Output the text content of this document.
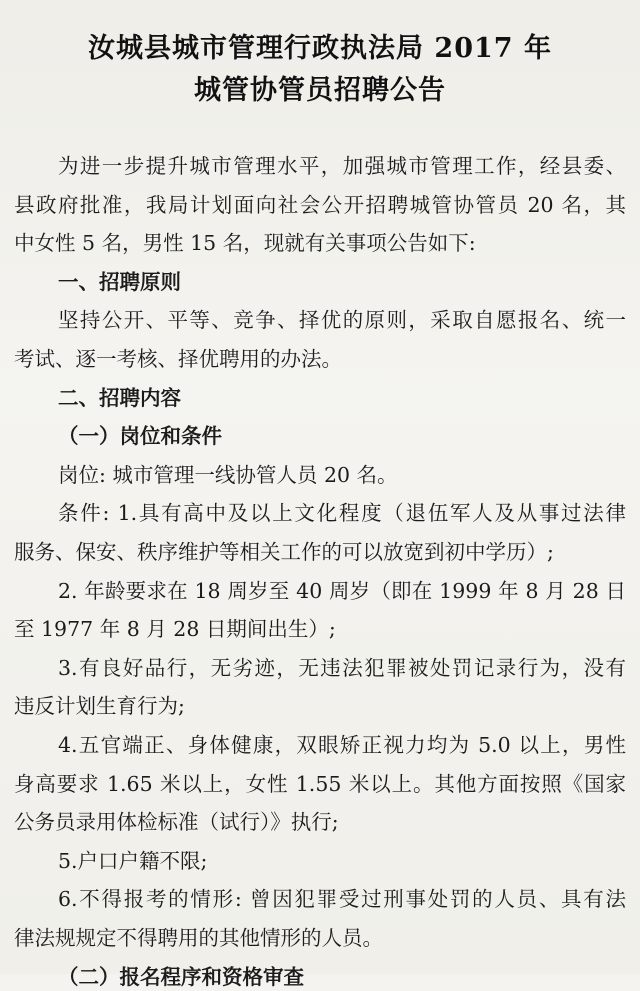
汝城县城市管理行政执法局 2017 年
城管协管员招聘公告
为进一步提升城市管理水平，加强城市管理工作，经县委、
县政府批准，我局计划面向社会公开招聘城管协管员 20 名，其
中女性 5 名，男性 15 名，现就有关事项公告如下:
一、招聘原则
坚持公开、平等、竞争、择优的原则，采取自愿报名、统一
考试、逐一考核、择优聘用的办法。
二、招聘内容
（一）岗位和条件
岗位: 城市管理一线协管人员 20 名。
条件: 1.具有高中及以上文化程度（退伍军人及从事过法律
服务、保安、秩序维护等相关工作的可以放宽到初中学历）;
2. 年龄要求在 18 周岁至 40 周岁（即在 1999 年 8 月 28 日
至 1977 年 8 月 28 日期间出生）;
3.有良好品行，无劣迹，无违法犯罪被处罚记录行为，没有
违反计划生育行为;
4.五官端正、身体健康，双眼矫正视力均为 5.0 以上，男性
身高要求 1.65 米以上，女性 1.55 米以上。其他方面按照《国家
公务员录用体检标准（试行）》执行;
5.户口户籍不限;
6.不得报考的情形: 曾因犯罪受过刑事处罚的人员、具有法
律法规规定不得聘用的其他情形的人员。
（二）报名程序和资格审查
